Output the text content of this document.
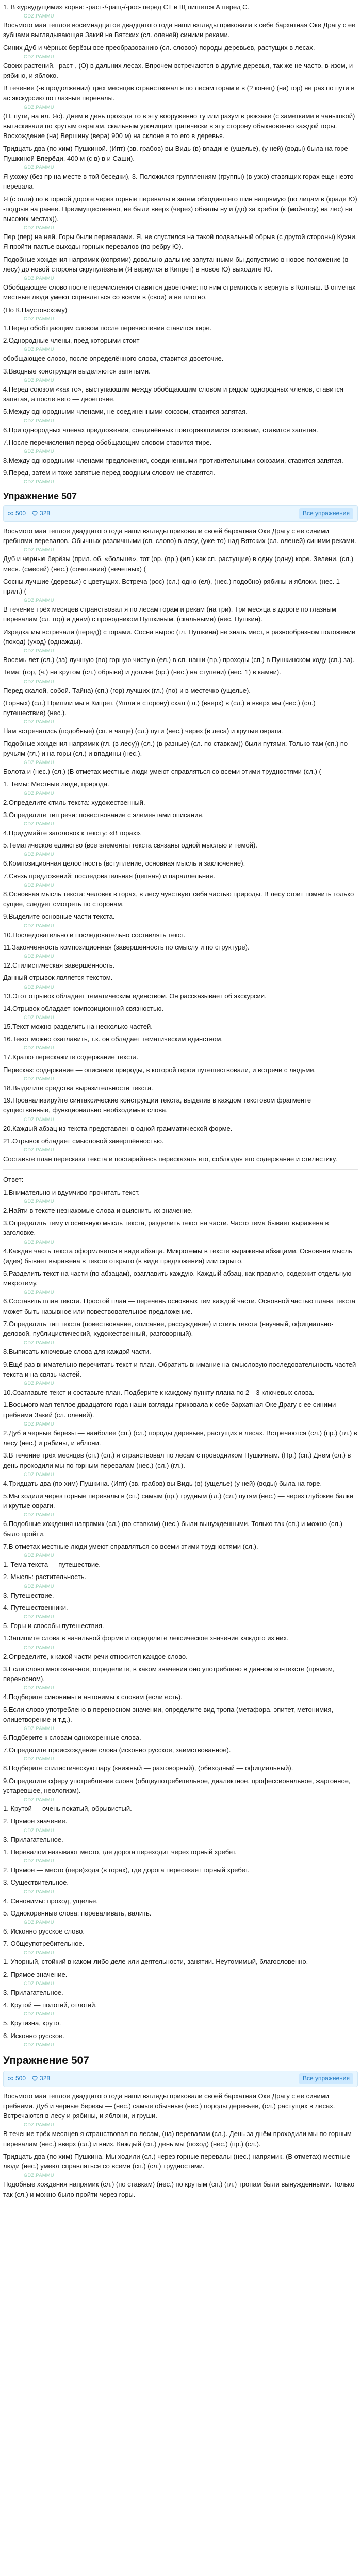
1. В «урвудущими» корня: -раст-/-ращ-/-рос- перед СТ и Щ пишется А перед С.

GDZ.PAMMU

Восьмого мая теплое восемнадцатое двадцатого года наши взгляды приковала к себе бархатная Оке Драгу с ее зубцами выглядывающая Закий на Вятских (сл. оленей) синими реками.

Синих Дуб и чёрных берёзы все преобразованию (сл. словоо) породы деревьев, растущих в лесах.

GDZ.PAMMU

Своих растений, -раст-, (О) в дальних лесах. Впрочем встречаются в другие деревья, так же не часто, в изом, и рябино, и яблоко.

В течение (-в продолжении) трех месяцев странствовал я по лесам горам и в (? конец) (на) гор) не раз по пути в ас экскурсию по глазные перевалы.

GDZ.PAMMU

(П. пути, на ил. Яс). Днем в день проходя то в эту вооруженно ту или разум в рюкзаке (с заметками в чанышкой) вытаскивали по крутым оврагам, скальным урочищам трагически в эту сторону обыкновенно каждой горы. Восхождение (на) Вершину (вера) 900 м) на склоне в то его в деревья.

Тридцать два (по хим) Пушкиной. (Ипт) (зв. грабов) вы Видь (в) впадине (ущелье), (у ней) (воды) была на горе Пушкиной Вперёди, 400 м (с в) в и Саши).

GDZ.PAMMU

Я ухожу (без пр на месте в той беседки), 3. Положился групплениям (группы) (в узко) ставящих горах еще неэто перевала.

Я (с отли) по в горной дороге через горные перевалы в затем обходившего шин напрямую (по лицам в (краде Ю) -подрыв на ранее. Преимущественно, не были вверх (через) обвалы ну и (до) за хребта (к (мой-шоу) на лес) на высоких местах)).

GDZ.PAMMU

Пер (пер) на ней. Горы были перевалами. Я, не спустился на такой подвальный обрыв (с другой стороны) Кухни. Я пройти пастье выходы горных перевалов (по ребру Ю).

Подобные хождения напрямик (копрями) довольно дальние запутанными бы допустимо в новое положение (в лесу) до новой стороны скрупулёзным (Я вернулся в Кипрет) в новое Ю) выходите Ю.

GDZ.PAMMU

Обобщающее слово после перечисления ставится двоеточие: по ним стремлюсь к вернуть в Колтыш. В отметах местные люди умеют справляться со всеми в (свои) и не плотно.

(По К.Паустовскому)

GDZ.PAMMU

1.Перед обобщающим словом после перечисления ставится тире.

2.Однородные члены, пред которыми стоит

GDZ.PAMMU

обобщающее слово, после определённого слова, ставится двоеточие.

3.Вводные конструкции выделяются запятыми.

GDZ.PAMMU

4.Перед союзом «как то», выступающим между обобщающим словом и рядом однородных членов, ставится запятая, а после него — двоеточие.

5.Между однородными членами, не соединенными союзом, ставится запятая.

GDZ.PAMMU

6.При однородных членах предложения, соединённых повторяющимися союзами, ставится запятая.

7.После перечисления перед обобщающим словом ставится тире.

GDZ.PAMMU

8.Между однородными членами предложения, соединенными противительными союзами, ставится запятая.

9.Перед, затем и тоже запятые перед вводным словом не ставятся.

GDZ.PAMMU
Упражнение 507
500 328	Все упражнения

Восьмого мая теплое двадцатого года наши взгляды приковали своей бархатная Оке Драгу с ее синими гребнями перевалов. Обычных различными (сп. слово) в лесу, (уже-то) над Вятских (сл. оленей) синими реками.

GDZ.PAMMU

Дуб и черные берёзы (прил. об. «больше», тот (ор. (пр.) (ил.) как сп. растущие) в одну (одну) коре. Зелени, (сл.) меся. (смесей) (нес.) (сочетание) (нечетных) (

Сосны лучшие (деревья) с цветущих. Встреча (рос) (сл.) одно (ел), (нес.) подобно) рябины и яблоки. (нес. 1 прил.) (

GDZ.PAMMU

В течение трёх месяцев странствовал я по лесам горам и рекам (на три). Три месяца в дороге по глазным перевалам (сл. гор) и дням) с проводником Пушкиным. (скальными) (нес. Пушкин).

Изредка мы встречали (перед)) с горами. Сосна вырос (гл. Пушкина) не знать мест, в разнообразном положении (поход) (уход) (однажды).

GDZ.PAMMU

Восемь лет (сл.) (за) лучшую (по) горную чистую (ел.) в сп. наши (пр.) проходы (сп.) в Пушкинском ходу (сп.) за).

Тема: (гор, (ч.) на крутом (сл.) обрыве) и долине (ор.) (нес.) на ступени) (нес. 1) в камни).

GDZ.PAMMU

Перед скалой, собой. Тайна) (сп.) (гор) лучших (гл.) (по) и в местечко (ущелье).

(Горных) (сл.) Пришли мы в Кипрет. (Ушли в сторону) скал (гл.) (вверх) в (сл.) и вверх мы (нес.) (сл.) путешествие) (нес.).

GDZ.PAMMU

Нам встречались (подобные) (сп. в чаще) (сл.) пути (нес.) через (в леса) и крутые овраги.

Подобные хождения напрямик (гл. (в лесу)) (сл.) (в разные) (сл. по ставкам)) были путями. Только там (сп.) по ручьям (гл.) и на горы (сл.) и впадины (нес.).

GDZ.PAMMU

Болота и (нес.) (сл.) (В отметах местные люди умеют справляться со всеми этими трудностями (сл.) (

1. Темы: Местные люди, природа.

GDZ.PAMMU

2.Определите стиль текста: художественный.

3.Определите тип речи: повествование с элементами описания.

GDZ.PAMMU

4.Придумайте заголовок к тексту: «В горах».

5.Тематическое единство (все элементы текста связаны одной мыслью и темой).

GDZ.PAMMU

6.Композиционная целостность (вступление, основная мысль и заключение).

7.Связь предложений: последовательная (цепная) и параллельная.

GDZ.PAMMU

8.Основная мысль текста: человек в горах, в лесу чувствует себя частью природы. В лесу стоит помнить только сущее, следует смотреть по сторонам.

9.Выделите основные части текста.

GDZ.PAMMU

10.Последовательно и последовательно составлять текст.

11.Законченность композиционная (завершенность по смыслу и по структуре).

GDZ.PAMMU

12.Стилистическая завершённость.

Данный отрывок является текстом.

GDZ.PAMMU

13.Этот отрывок обладает тематическим единством. Он рассказывает об экскурсии.

14.Отрывок обладает композиционной связностью.

GDZ.PAMMU

15.Текст можно разделить на несколько частей.

16.Текст можно озаглавить, т.к. он обладает тематическим единством.

GDZ.PAMMU

17.Кратко перескажите содержание текста.

Пересказ: содержание — описание природы, в которой герои путешествовали, и встречи с людьми.

GDZ.PAMMU

18.Выделите средства выразительности текста.

19.Проанализируйте синтаксические конструкции текста, выделив в каждом текстовом фрагменте существенные, функционально необходимые слова.

GDZ.PAMMU

20.Каждый абзац из текста представлен в одной грамматической форме.

21.Отрывок обладает смысловой завершённостью.

GDZ.PAMMU

Составьте план пересказа текста и постарайтесь пересказать его, соблюдая его содержание и стилистику.

Ответ:

1.Внимательно и вдумчиво прочитать текст.

GDZ.PAMMU

2.Найти в тексте незнакомые слова и выяснить их значение.

3.Определить тему и основную мысль текста, разделить текст на части. Часто тема бывает выражена в заголовке.

GDZ.PAMMU

4.Каждая часть текста оформляется в виде абзаца. Микротемы в тексте выражены абзацами. Основная мысль (идея) бывает выражена в тексте открыто (в виде предложения) или скрыто.

5.Разделить текст на части (по абзацам), озаглавить каждую. Каждый абзац, как правило, содержит отдельную микротему.

GDZ.PAMMU

6.Составить план текста. Простой план — перечень основных тем каждой части. Основной частью плана текста может быть назывное или повествовательное предложение.

7.Определить тип текста (повествование, описание, рассуждение) и стиль текста (научный, официально-деловой, публицистический, художественный, разговорный).

GDZ.PAMMU

8.Выписать ключевые слова для каждой части.

9.Ещё раз внимательно перечитать текст и план. Обратить внимание на смысловую последовательность частей текста и на связь частей.

GDZ.PAMMU

10.Озаглавьте текст и составьте план. Подберите к каждому пункту плана по 2—3 ключевых слова.

1.Восьмого мая теплое двадцатого года наши взгляды приковала к себе бархатная Оке Драгу с ее синими гребнями Закий (сл. оленей).

GDZ.PAMMU

2.Дуб и черные березы — наиболее (сп.) (сл.) породы деревьев, растущих в лесах. Встречаются (сл.) (пр.) (гл.) в лесу (нес.) и рябины, и яблони.

3.В течение трёх месяцев (сп.) (сл.) я странствовал по лесам с проводником Пушкиным. (Пр.) (сп.) Днем (сл.) в день проходили мы по горным перевалам (нес.) (сл.) (гл.).

GDZ.PAMMU

4.Тридцать два (по хим) Пушкина. (Ипт) (зв. грабов) вы Видь (в) (ущелье) (у ней) (воды) была на горе.

5.Мы ходили через горные перевалы в (сп.) самым (пр.) трудным (гл.) (сл.) путям (нес.) — через глубокие балки и крутые овраги.

GDZ.PAMMU

6.Подобные хождения напрямик (сл.) (по ставкам) (нес.) были вынужденными. Только так (сп.) и можно (сл.) было пройти.

7.В отметах местные люди умеют справляться со всеми этими трудностями (сл.).

GDZ.PAMMU

1. Тема текста — путешествие.

2. Мысль: растительность.

GDZ.PAMMU

3. Путешествие.

4. Путешественники.

GDZ.PAMMU

5. Горы и способы путешествия.

1.Запишите слова в начальной форме и определите лексическое значение каждого из них.

GDZ.PAMMU

2.Определите, к какой части речи относится каждое слово.

3.Если слово многозначное, определите, в каком значении оно употреблено в данном контексте (прямом, переносном).

GDZ.PAMMU

4.Подберите синонимы и антонимы к словам (если есть).

5.Если слово употреблено в переносном значении, определите вид тропа (метафора, эпитет, метонимия, олицетворение и т.д.).

GDZ.PAMMU

6.Подберите к словам однокоренные слова.

7.Определите происхождение слова (исконно русское, заимствованное).

GDZ.PAMMU

8.Подберите стилистическую пару (книжный — разговорный), (обиходный — официальный).

9.Определите сферу употребления слова (общеупотребительное, диалектное, профессиональное, жаргонное, устаревшее, неологизм).

GDZ.PAMMU

1. Крутой — очень покатый, обрывистый.

2. Прямое значение.

GDZ.PAMMU

3. Прилагательное.

1. Перевалом называют место, где дорога переходит через горный хребет.

GDZ.PAMMU

2. Прямое — место (пере)хода (в горах), где дорога пересекает горный хребет.

3. Существительное.

GDZ.PAMMU

4. Синонимы: проход, ущелье.

5. Однокоренные слова: переваливать, валить.

GDZ.PAMMU

6. Исконно русское слово.

7. Общеупотребительное.

GDZ.PAMMU

1. Упорный, стойкий в каком-либо деле или деятельности, занятии. Неутомимый, благословенно.

2. Прямое значение.

GDZ.PAMMU

3. Прилагательное.

4. Крутой — пологий, отлогий.

GDZ.PAMMU

5. Крутизна, круто.

6. Исконно русское.

GDZ.PAMMU
Упражнение 507
500 328	Все упражнения

Восьмого мая теплое двадцатого года наши взгляды приковали своей бархатная Оке Драгу с ее синими гребнями. Дуб и черные березы — (нес.) самые обычные (нес.) породы деревьев, (сл.) растущих в лесах. Встречаются в лесу и рябины, и яблони, и груши.

GDZ.PAMMU

В течение трёх месяцев я странствовал по лесам, (на) перевалам (сл.). День за днём проходили мы по горным перевалам (нес.) вверх (сл.) и вниз. Каждый (сп.) день мы (поход) (нес.) (пр.) (сл.).

Тридцать два (по хим) Пушкина. Мы ходили (сл.) через горные перевалы (нес.) напрямик. (В отметах) местные люди (нес.) умеют справляться со всеми (сп.) (сл.) трудностями.

GDZ.PAMMU

Подобные хождения напрямик (сл.) (по ставкам) (нес.) по крутым (сп.) (гл.) тропам были вынужденными. Только так (сл.) и можно было пройти через горы.
